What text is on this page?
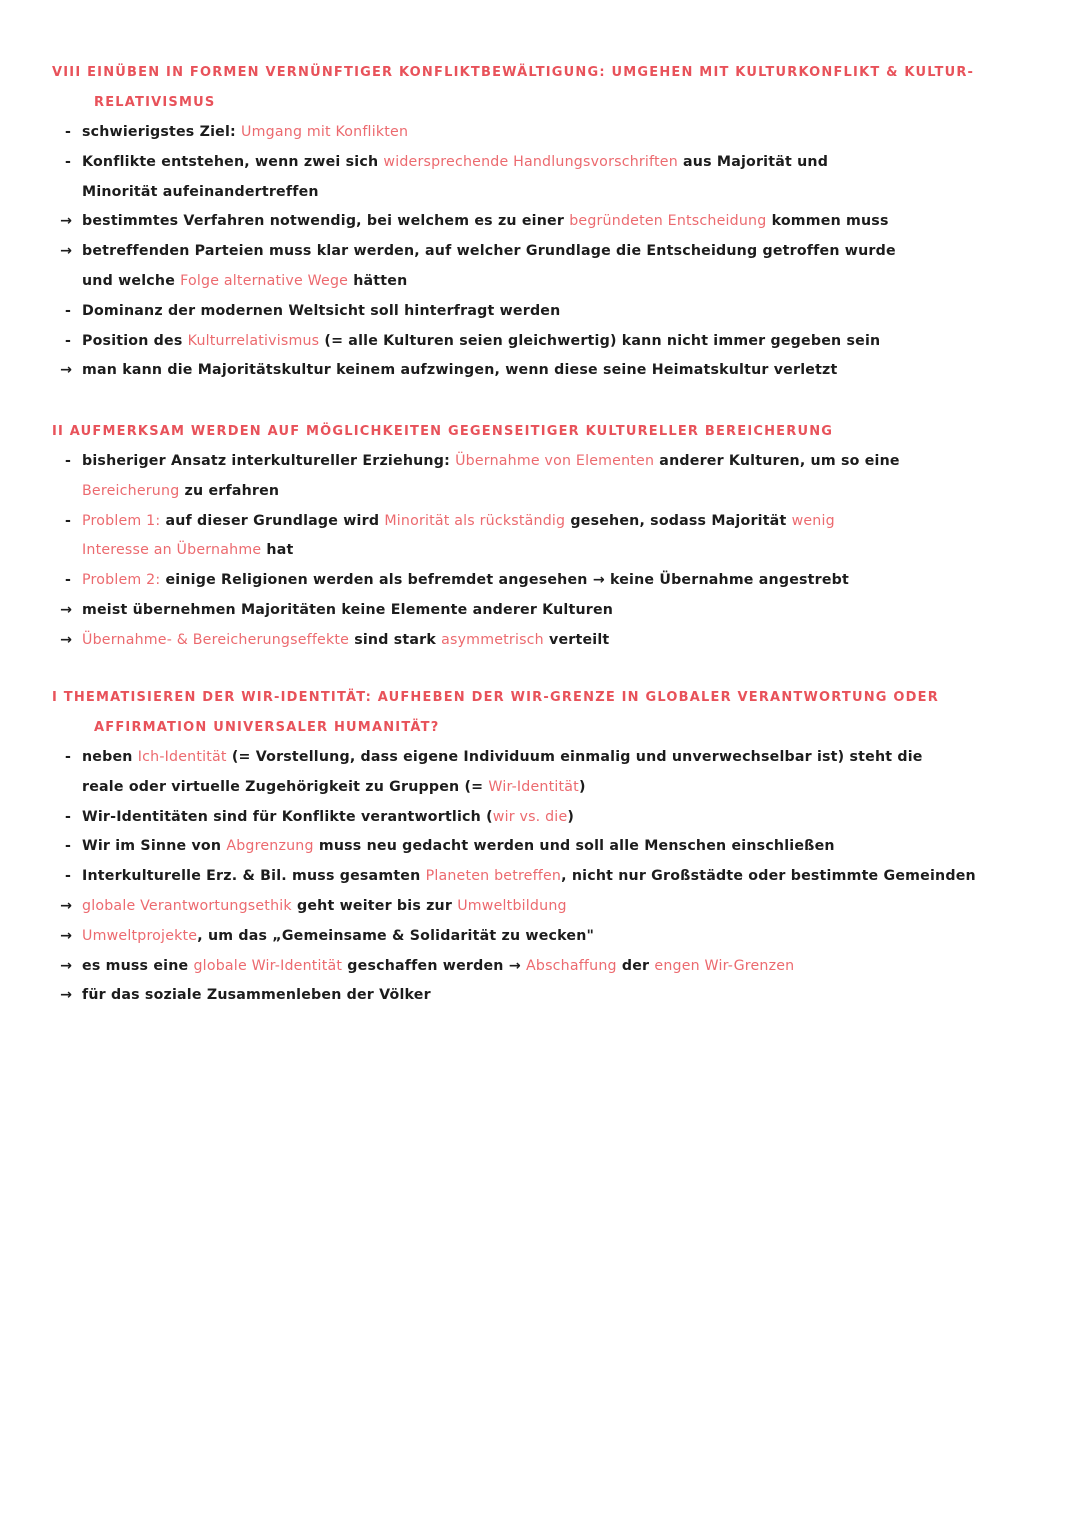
VIII EINÜBEN IN FORMEN VERNÜNFTIGER KONFLIKTBEWÄLTIGUNG: UMGEHEN MIT KULTURKONFLIKT & KULTUR-
RELATIVISMUS
- schwierigstes Ziel: Umgang mit Konflikten
- Konflikte entstehen, wenn zwei sich widersprechende Handlungsvorschriften aus Majorität und
Minorität aufeinandertreffen
→ bestimmtes Verfahren notwendig, bei welchem es zu einer begründeten Entscheidung kommen muss
→ betreffenden Parteien muss klar werden, auf welcher Grundlage die Entscheidung getroffen wurde
und welche Folge alternative Wege hätten
- Dominanz der modernen Weltsicht soll hinterfragt werden
- Position des Kulturrelativismus (= alle Kulturen seien gleichwertig) kann nicht immer gegeben sein
→ man kann die Majoritätskultur keinem aufzwingen, wenn diese seine Heimatskultur verletzt
II AUFMERKSAM WERDEN AUF MÖGLICHKEITEN GEGENSEITIGER KULTURELLER BEREICHERUNG
- bisheriger Ansatz interkultureller Erziehung: Übernahme von Elementen anderer Kulturen, um so eine
Bereicherung zu erfahren
- Problem 1: auf dieser Grundlage wird Minorität als rückständig gesehen, sodass Majorität wenig
Interesse an Übernahme hat
- Problem 2: einige Religionen werden als befremdet angesehen → keine Übernahme angestrebt
→ meist übernehmen Majoritäten keine Elemente anderer Kulturen
→ Übernahme- & Bereicherungseffekte sind stark asymmetrisch verteilt
I THEMATISIEREN DER WIR-IDENTITÄT: AUFHEBEN DER WIR-GRENZE IN GLOBALER VERANTWORTUNG ODER
AFFIRMATION UNIVERSALER HUMANITÄT?
- neben Ich-Identität (= Vorstellung, dass eigene Individuum einmalig und unverwechselbar ist) steht die
reale oder virtuelle Zugehörigkeit zu Gruppen (= Wir-Identität)
- Wir-Identitäten sind für Konflikte verantwortlich (wir vs. die)
- Wir im Sinne von Abgrenzung muss neu gedacht werden und soll alle Menschen einschließen
- Interkulturelle Erz. & Bil. muss gesamten Planeten betreffen, nicht nur Großstädte oder bestimmte Gemeinden
→ globale Verantwortungsethik geht weiter bis zur Umweltbildung
→ Umweltprojekte, um das „Gemeinsame & Solidarität zu wecken"
→ es muss eine globale Wir-Identität geschaffen werden → Abschaffung der engen Wir-Grenzen
→ für das soziale Zusammenleben der Völker
